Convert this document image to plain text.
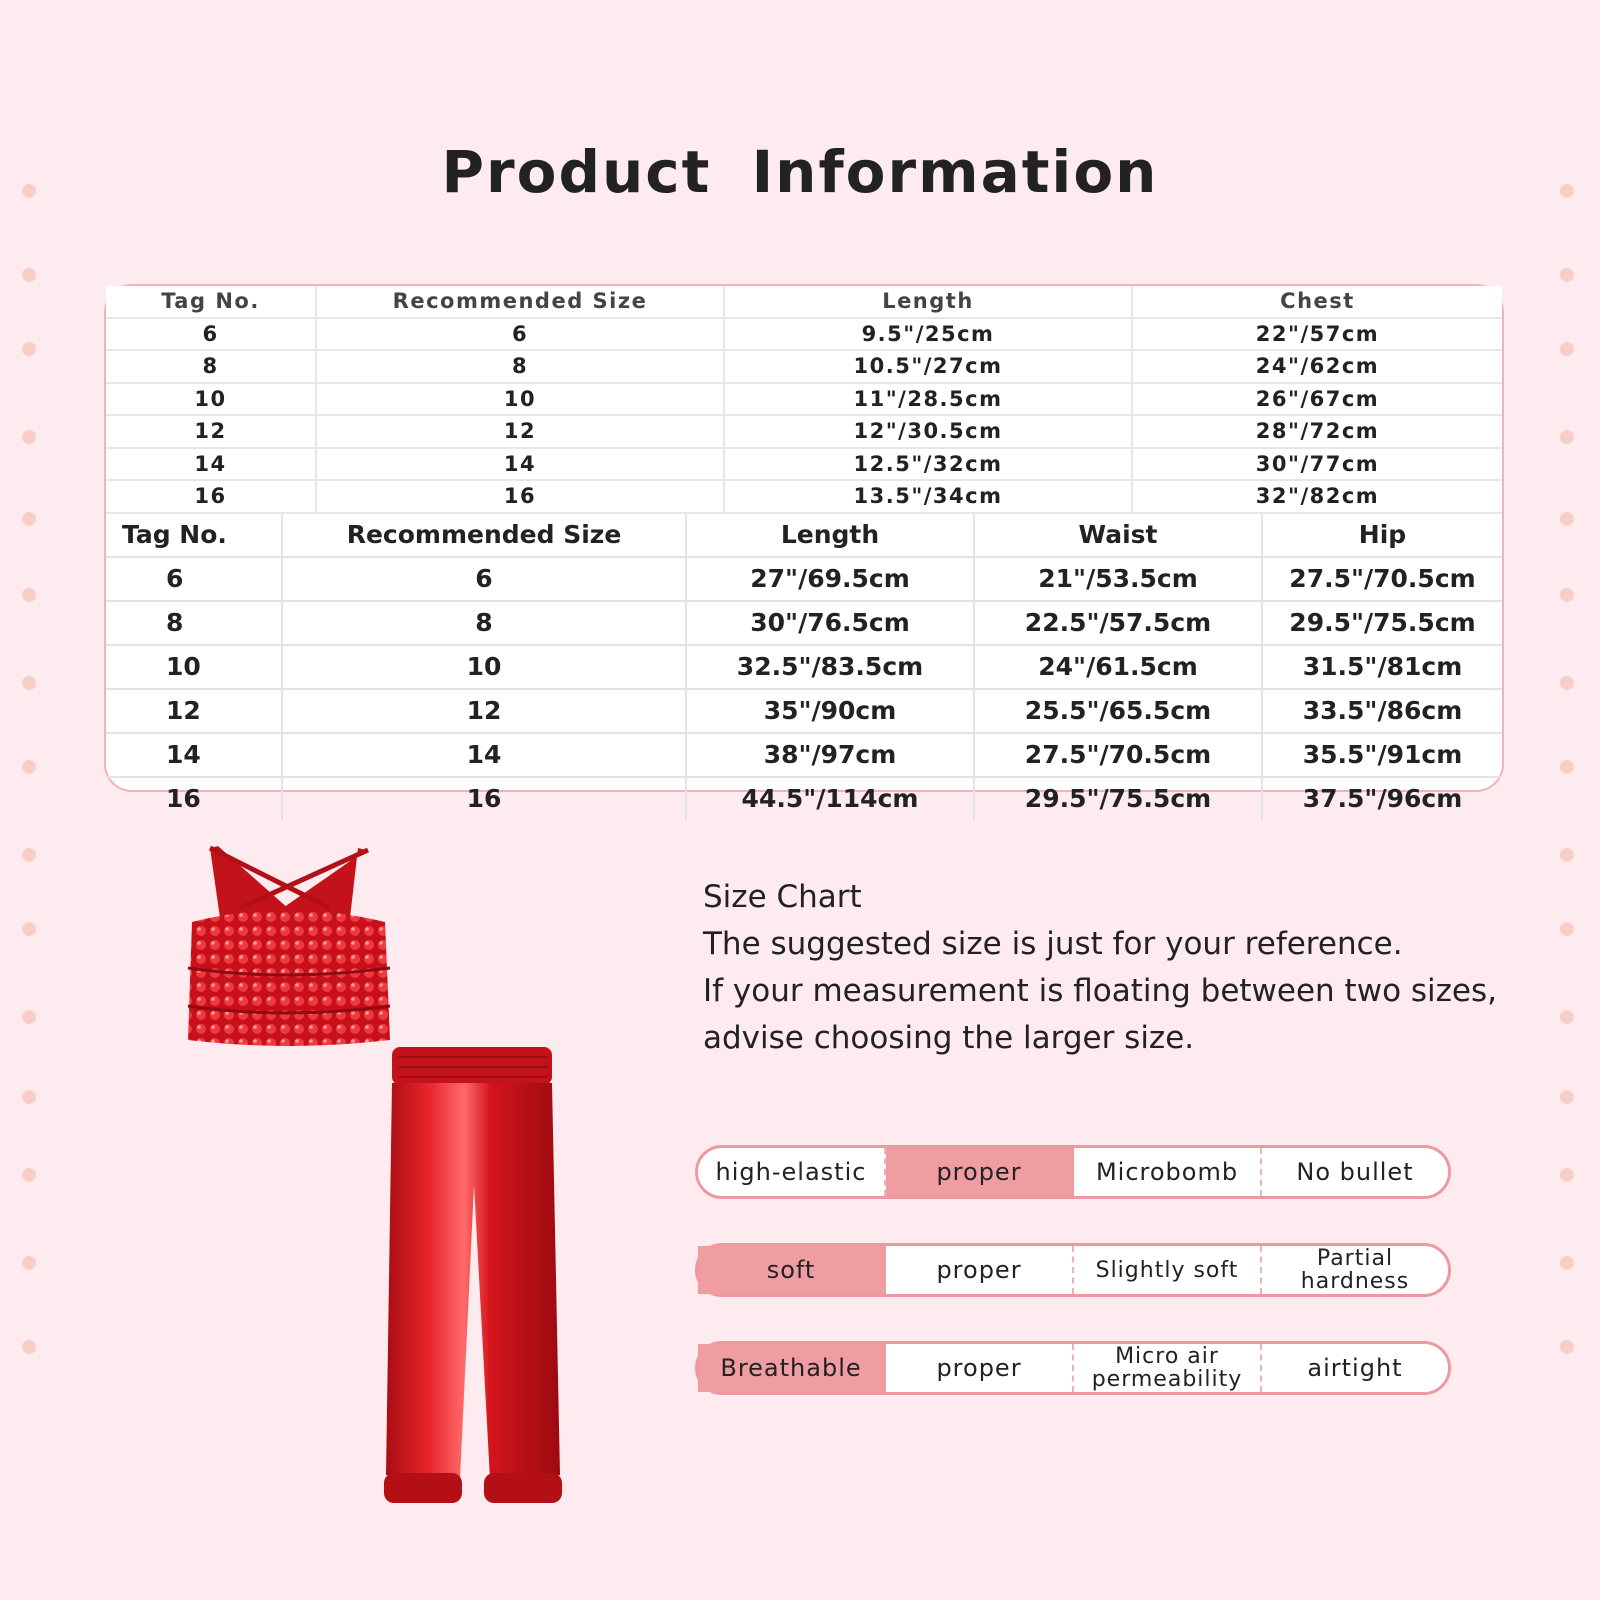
Product Information
Tag No.	Recommended Size	Length	Chest
6	6	9.5"/25cm	22"/57cm
8	8	10.5"/27cm	24"/62cm
10	10	11"/28.5cm	26"/67cm
12	12	12"/30.5cm	28"/72cm
14	14	12.5"/32cm	30"/77cm
16	16	13.5"/34cm	32"/82cm
Tag No.	Recommended Size	Length	Waist	Hip
6	6	27"/69.5cm	21"/53.5cm	27.5"/70.5cm
8	8	30"/76.5cm	22.5"/57.5cm	29.5"/75.5cm
10	10	32.5"/83.5cm	24"/61.5cm	31.5"/81cm
12	12	35"/90cm	25.5"/65.5cm	33.5"/86cm
14	14	38"/97cm	27.5"/70.5cm	35.5"/91cm
16	16	44.5"/114cm	29.5"/75.5cm	37.5"/96cm
Size Chart
The suggested size is just for your reference.
If your measurement is floating between two sizes,
advise choosing the larger size.
high-elastic	proper	Microbomb	No bullet
soft	proper	Slightly soft	Partial hardness
Breathable	proper	Micro air permeability	airtight
